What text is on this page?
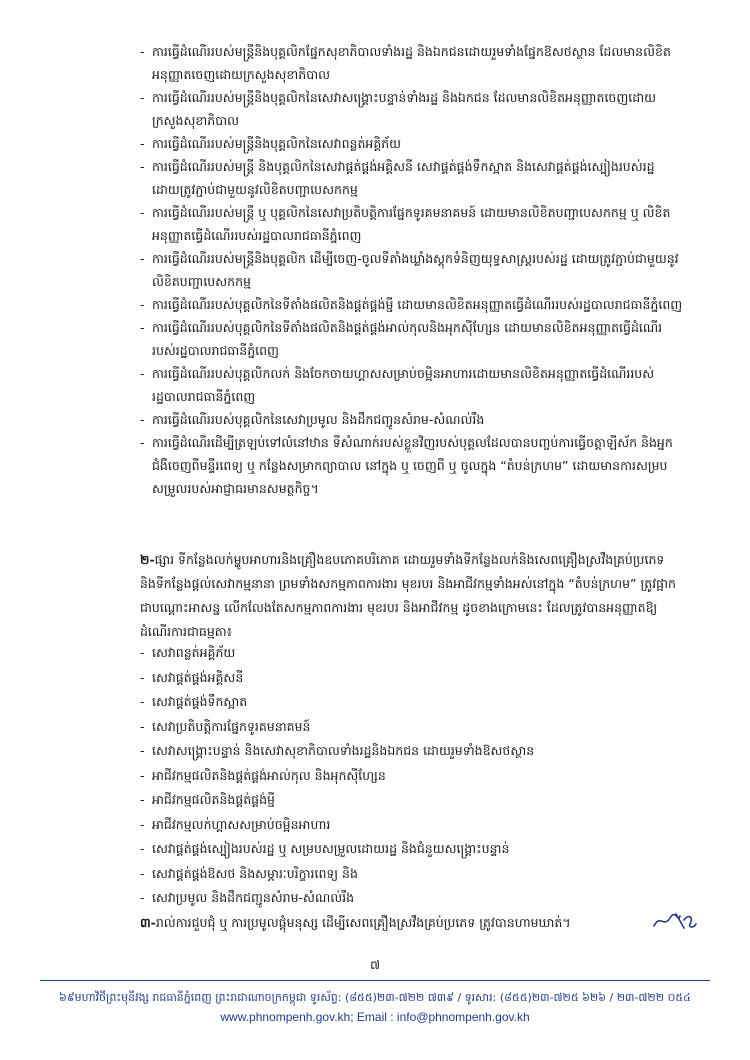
- ការធ្វើដំណើររបស់មន្ត្រីនិងបុគ្គលិកផ្នែកសុខាភិបាលទាំងរដ្ឋ និងឯកជនដោយរួមទាំងផ្នែកឱសថស្ថាន ដែលមានលិខិតអនុញ្ញាតចេញដោយក្រសួងសុខាភិបាល
- ការធ្វើដំណើររបស់មន្ត្រីនិងបុគ្គលិកនៃសេវាសង្គ្រោះបន្ទាន់ទាំងរដ្ឋ និងឯកជន ដែលមានលិខិតអនុញ្ញាតចេញដោយក្រសួងសុខាភិបាល
- ការធ្វើដំណើររបស់មន្ត្រីនិងបុគ្គលិកនៃសេវាពន្លត់អគ្គិភ័យ
- ការធ្វើដំណើររបស់មន្ត្រី និងបុគ្គលិកនៃសេវាផ្គត់ផ្គង់អគ្គិសនី សេវាផ្គត់ផ្គង់ទឹកស្អាត និងសេវាផ្គត់ផ្គង់ស្បៀងរបស់រដ្ឋ ដោយត្រូវភ្ជាប់ជាមួយនូវលិខិតបញ្ជាបេសកកម្ម
- ការធ្វើដំណើររបស់មន្ត្រី ឬ បុគ្គលិកនៃសេវាប្រតិបត្តិការផ្នែកទូរគមនាគមន៍ ដោយមានលិខិតបញ្ជាបេសកកម្ម ឬ លិខិតអនុញ្ញាតធ្វើដំណើររបស់រដ្ឋបាលរាជធានីភ្នំពេញ
- ការធ្វើដំណើររបស់មន្ត្រីនិងបុគ្គលិក ដើម្បីចេញ-ចូលទីតាំងឃ្លាំងស្តុកទំនិញយុទ្ធសាស្ត្ររបស់រដ្ឋ ដោយត្រូវភ្ជាប់ជាមួយនូវលិខិតបញ្ជាបេសកកម្ម
- ការធ្វើដំណើររបស់បុគ្គលិកនៃទីតាំងផលិតនិងផ្គត់ផ្គង់ម្ជី ដោយមានលិខិតអនុញ្ញាតធ្វើដំណើររបស់រដ្ឋបាលរាជធានីភ្នំពេញ
- ការធ្វើដំណើររបស់បុគ្គលិកនៃទីតាំងផលិតនិងផ្គត់ផ្គង់អាល់កុលនិងអុកស៊ីហ្សែន ដោយមានលិខិតអនុញ្ញាតធ្វើដំណើររបស់រដ្ឋបាលរាជធានីភ្នំពេញ
- ការធ្វើដំណើររបស់បុគ្គលិកលក់ និងចែកចាយហ្គាសសម្រាប់ចម្អិនអាហារដោយមានលិខិតអនុញ្ញាតធ្វើដំណើររបស់រដ្ឋបាលរាជធានីភ្នំពេញ
- ការធ្វើដំណើររបស់បុគ្គលិកនៃសេវាប្រមូល និងដឹកជញ្ជូនសំរាម-សំណល់រឹង
- ការធ្វើដំណើរដើម្បីត្រឡប់ទៅលំនៅឋាន ទីសំណាក់របស់ខ្លួនវិញរបស់បុគ្គលដែលបានបញ្ចប់ការធ្វើចត្តាឡីស័ក និងអ្នកជំងឺចេញពីមន្ទីរពេទ្យ ឬ កន្លែងសម្រាកព្យាបាល នៅក្នុង ឬ ចេញពី ឬ ចូលក្នុង “តំបន់ក្រហម” ដោយមានការសម្របសម្រួលរបស់អាជ្ញាធរមានសមត្ថកិច្ច។
២-ផ្សារ ទីកន្លែងលក់ម្ហូបអាហារនិងគ្រឿងឧបភោគបរិភោគ ដោយរួមទាំងទីកន្លែងលក់និងសេពគ្រឿងស្រវឹងគ្រប់ប្រភេទ និងទីកន្លែងផ្តល់សេវាកម្មនានា ព្រមទាំងសកម្មភាពការងារ មុខរបរ និងអាជីវកម្មទាំងអស់នៅក្នុង “តំបន់ក្រហម” ត្រូវផ្អាកជាបណ្តោះអាសន្ន លើកលែងតែសកម្មភាពការងារ មុខរបរ និងអាជីវកម្ម ដូចខាងក្រោមនេះ ដែលត្រូវបានអនុញ្ញាតឱ្យដំណើរការជាធម្មតា៖
- សេវាពន្លត់អគ្គិភ័យ
- សេវាផ្គត់ផ្គង់អគ្គិសនី
- សេវាផ្គត់ផ្គង់ទឹកស្អាត
- សេវាប្រតិបត្តិការផ្នែកទូរគមនាគមន៍
- សេវាសង្គ្រោះបន្ទាន់ និងសេវាសុខាភិបាលទាំងរដ្ឋនិងឯកជន ដោយរួមទាំងឱសថស្ថាន
- អាជីវកម្មផលិតនិងផ្គត់ផ្គង់អាល់កុល និងអុកស៊ីហ្សែន
- អាជីវកម្មផលិតនិងផ្គត់ផ្គង់ម្ជី
- អាជីវកម្មលក់ហ្គាសសម្រាប់ចម្អិនអាហារ
- សេវាផ្គត់ផ្គង់ស្បៀងរបស់រដ្ឋ ឬ សម្របសម្រួលដោយរដ្ឋ និងជំនួយសង្គ្រោះបន្ទាន់
- សេវាផ្គត់ផ្គង់ឱសថ និងសម្ភារៈបរិក្ខារពេទ្យ និង
- សេវាប្រមូល និងដឹកជញ្ជូនសំរាម-សំណល់រឹង
៣-រាល់ការជួបជុំ ឬ ការប្រមូលផ្តុំមនុស្ស ដើម្បីសេពគ្រឿងស្រវឹងគ្រប់ប្រភេទ ត្រូវបានហាមឃាត់។
៧
៦៩មហាវិថីព្រះមុនីវង្ស រាជធានីភ្នំពេញ ព្រះរាជាណាចក្រកម្ពុជា ទូរស័ព្ទ: (៨៥៥)២៣-៧២២ ៧៣៩ / ទូរសារ: (៨៥៥)២៣-៧២៥ ៦២៦ / ២៣-៧២២ ០៥៤
www.phnompenh.gov.kh; Email : info@phnompenh.gov.kh
